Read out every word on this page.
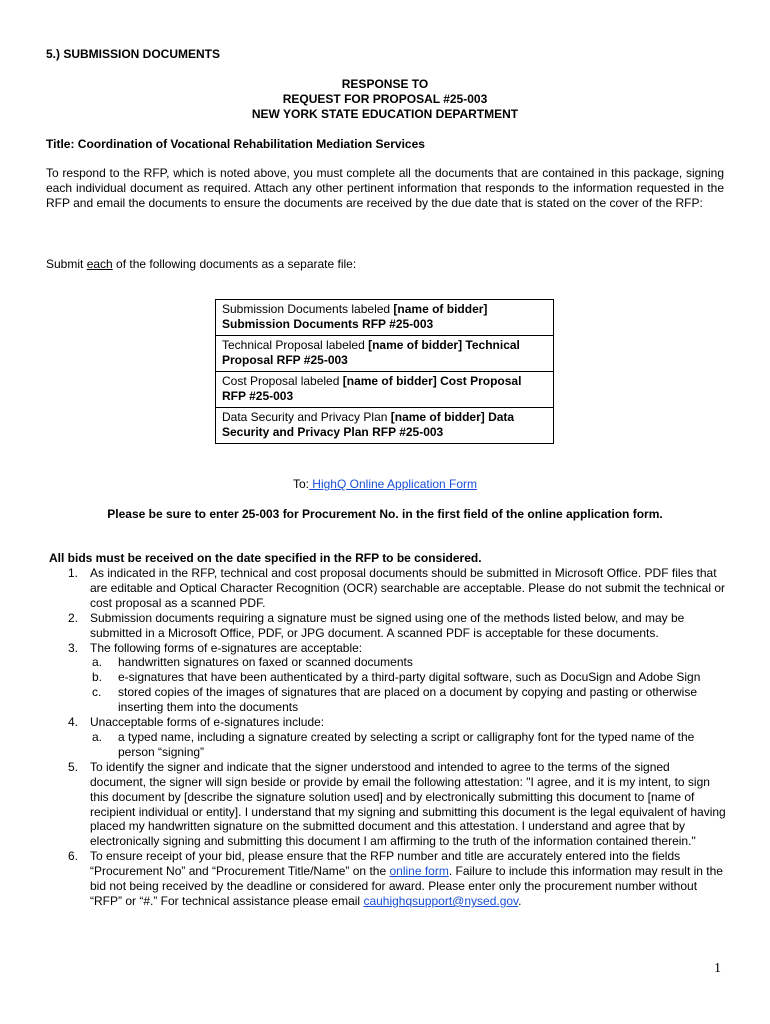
5.) SUBMISSION DOCUMENTS
RESPONSE TO
REQUEST FOR PROPOSAL #25-003
NEW YORK STATE EDUCATION DEPARTMENT
Title: Coordination of Vocational Rehabilitation Mediation Services
To respond to the RFP, which is noted above, you must complete all the documents that are contained in this package, signing each individual document as required. Attach any other pertinent information that responds to the information requested in the RFP and email the documents to ensure the documents are received by the due date that is stated on the cover of the RFP:
Submit each of the following documents as a separate file:
Submission Documents labeled [name of bidder] Submission Documents RFP #25-003
Technical Proposal labeled [name of bidder] Technical Proposal RFP #25-003
Cost Proposal labeled [name of bidder] Cost Proposal RFP #25-003
Data Security and Privacy Plan [name of bidder] Data Security and Privacy Plan RFP #25-003
To: HighQ Online Application Form
Please be sure to enter 25-003 for Procurement No. in the first field of the online application form.
All bids must be received on the date specified in the RFP to be considered.
1. As indicated in the RFP, technical and cost proposal documents should be submitted in Microsoft Office. PDF files that are editable and Optical Character Recognition (OCR) searchable are acceptable. Please do not submit the technical or cost proposal as a scanned PDF.
2. Submission documents requiring a signature must be signed using one of the methods listed below, and may be submitted in a Microsoft Office, PDF, or JPG document. A scanned PDF is acceptable for these documents.
3. The following forms of e-signatures are acceptable:
a. handwritten signatures on faxed or scanned documents
b. e-signatures that have been authenticated by a third-party digital software, such as DocuSign and Adobe Sign
c. stored copies of the images of signatures that are placed on a document by copying and pasting or otherwise inserting them into the documents
4. Unacceptable forms of e-signatures include:
a. a typed name, including a signature created by selecting a script or calligraphy font for the typed name of the person “signing”
5. To identify the signer and indicate that the signer understood and intended to agree to the terms of the signed document, the signer will sign beside or provide by email the following attestation: "I agree, and it is my intent, to sign this document by [describe the signature solution used] and by electronically submitting this document to [name of recipient individual or entity]. I understand that my signing and submitting this document is the legal equivalent of having placed my handwritten signature on the submitted document and this attestation. I understand and agree that by electronically signing and submitting this document I am affirming to the truth of the information contained therein."
6. To ensure receipt of your bid, please ensure that the RFP number and title are accurately entered into the fields “Procurement No” and “Procurement Title/Name” on the online form. Failure to include this information may result in the bid not being received by the deadline or considered for award. Please enter only the procurement number without “RFP” or “#.” For technical assistance please email cauhighqsupport@nysed.gov.
1
